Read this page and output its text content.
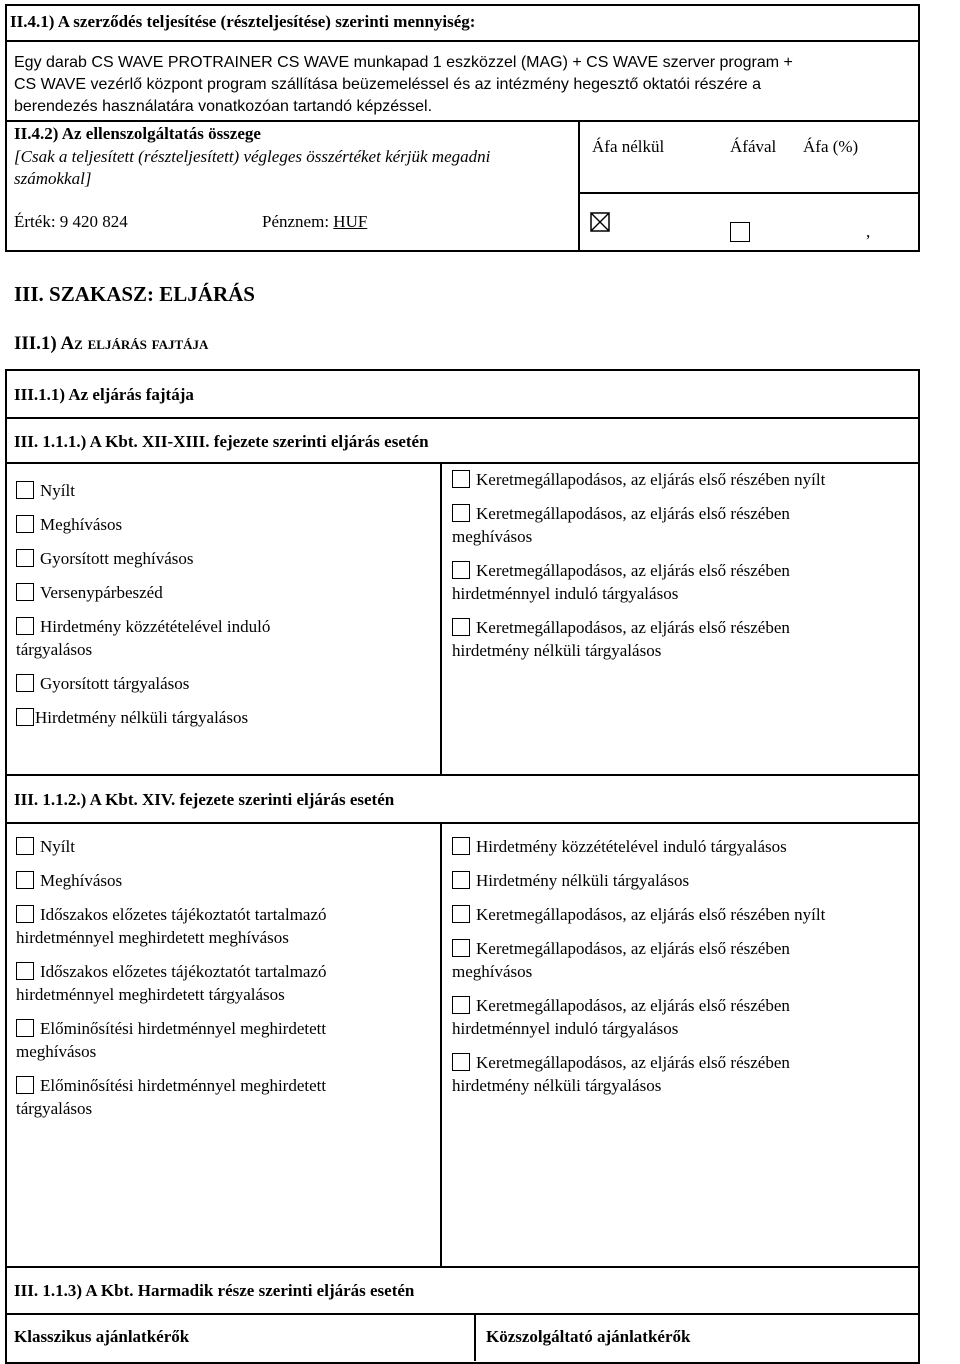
II.4.1) A szerződés teljesítése (részteljesítése) szerinti mennyiség:
Egy darab CS WAVE PROTRAINER CS WAVE munkapad 1 eszközzel (MAG) + CS WAVE szerver program +
CS WAVE vezérlő központ program szállítása beüzemeléssel és az intézmény hegesztő oktatói részére a
berendezés használatára vonatkozóan tartandó képzéssel.
II.4.2) Az ellenszolgáltatás összege
[Csak a teljesített (részteljesített) végleges összértéket kérjük megadni
számokkal]
Áfa nélkül	Áfával Áfa (%)
Érték: 9 420 824	Pénznem: HUF
,
III. SZAKASZ: ELJÁRÁS
III.1) Az eljárás fajtája
III.1.1) Az eljárás fajtája
III. 1.1.1.) A Kbt. XII-XIII. fejezete szerinti eljárás esetén
Nyílt
Meghívásos
Gyorsított meghívásos
Versenypárbeszéd
Hirdetmény közzétételével induló
tárgyalásos
Gyorsított tárgyalásos
Hirdetmény nélküli tárgyalásos
Keretmegállapodásos, az eljárás első részében nyílt
Keretmegállapodásos, az eljárás első részében
meghívásos
Keretmegállapodásos, az eljárás első részében
hirdetménnyel induló tárgyalásos
Keretmegállapodásos, az eljárás első részében
hirdetmény nélküli tárgyalásos
III. 1.1.2.) A Kbt. XIV. fejezete szerinti eljárás esetén
Nyílt
Meghívásos
Időszakos előzetes tájékoztatót tartalmazó
hirdetménnyel meghirdetett meghívásos
Időszakos előzetes tájékoztatót tartalmazó
hirdetménnyel meghirdetett tárgyalásos
Előminősítési hirdetménnyel meghirdetett
meghívásos
Előminősítési hirdetménnyel meghirdetett
tárgyalásos
Hirdetmény közzétételével induló tárgyalásos
Hirdetmény nélküli tárgyalásos
Keretmegállapodásos, az eljárás első részében nyílt
Keretmegállapodásos, az eljárás első részében
meghívásos
Keretmegállapodásos, az eljárás első részében
hirdetménnyel induló tárgyalásos
Keretmegállapodásos, az eljárás első részében
hirdetmény nélküli tárgyalásos
III. 1.1.3) A Kbt. Harmadik része szerinti eljárás esetén
Klasszikus ajánlatkérők	Közszolgáltató ajánlatkérők
